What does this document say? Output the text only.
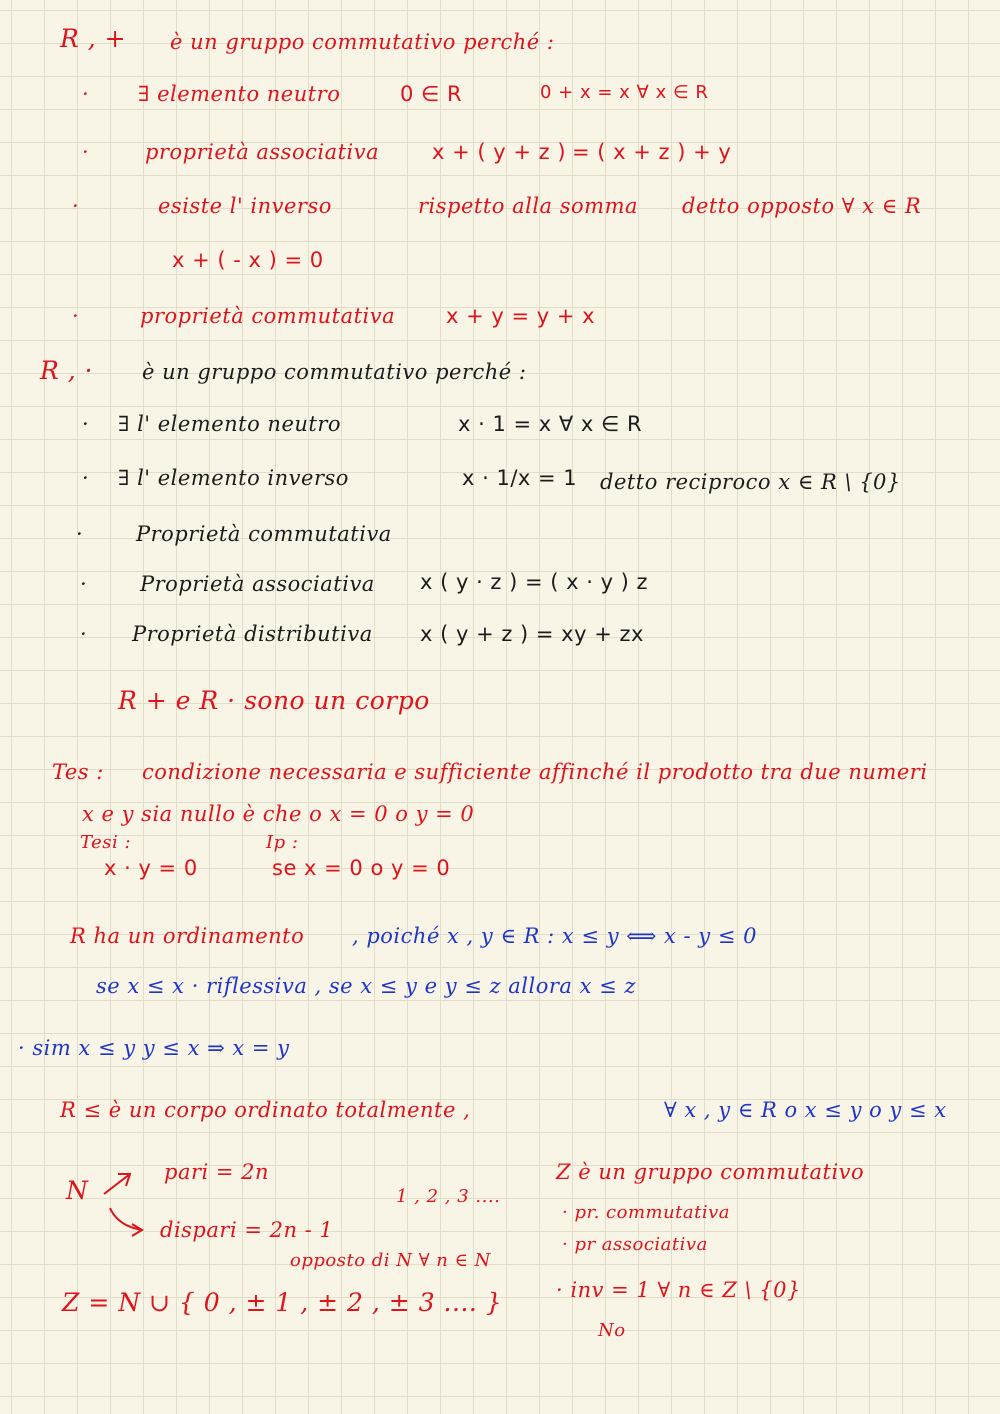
R , + è un gruppo commutativo perché :
· ∃ elemento neutro	0 ∈ R	0 + x = x ∀ x ∈ R
·	proprietà associativa	x + ( y + z ) = ( x + z ) + y
·	esiste l' inverso	rispetto alla somma detto opposto ∀ x ∈ R
x + ( - x ) = 0
·	proprietà commutativa x + y = y + x
R , · è un gruppo commutativo perché :
· ∃ l' elemento neutro	x · 1 = x ∀ x ∈ R
· ∃ l' elemento inverso	x · 1/x = 1 detto reciproco x ∈ R \ {0}
·	Proprietà commutativa
·	Proprietà associativa x ( y · z ) = ( x · y ) z
· Proprietà distributiva x ( y + z ) = xy + zx
R + e R · sono un corpo
Tes : condizione necessaria e sufficiente affinché il prodotto tra due numeri
x e y sia nullo è che o x = 0 o y = 0
Tesi :	Ip :
x · y = 0	se x = 0 o y = 0
R ha un ordinamento , poiché x , y ∈ R : x ≤ y ⟺ x - y ≤ 0
se x ≤ x · riflessiva , se x ≤ y e y ≤ z allora x ≤ z
· sim x ≤ y y ≤ x ⇒ x = y
R ≤ è un corpo ordinato totalmente ,	∀ x , y ∈ R o x ≤ y o y ≤ x
N
pari = 2n
dispari = 2n - 1
1 , 2 , 3 ....
opposto di N ∀ n ∈ N
Z = N ∪ { 0 , ± 1 , ± 2 , ± 3 .... }
Z è un gruppo commutativo
· pr. commutativa
· pr associativa
· inv = 1 ∀ n ∈ Z \ {0}
No
